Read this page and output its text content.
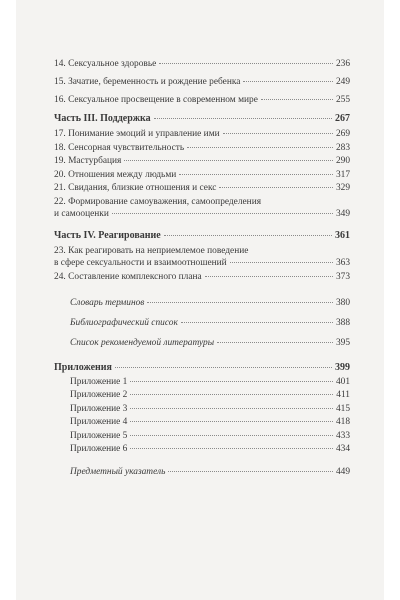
14. Сексуальное здоровье	236
15. Зачатие, беременность и рождение ребенка	249
16. Сексуальное просвещение в современном мире	255
Часть III. Поддержка	267
17. Понимание эмоций и управление ими	269
18. Сенсорная чувствительность	283
19. Мастурбация	290
20. Отношения между людьми	317
21. Свидания, близкие отношения и секс	329
22. Формирование самоуважения, самоопределения
и самооценки	349
Часть IV. Реагирование	361
23. Как реагировать на неприемлемое поведение
в сфере сексуальности и взаимоотношений	363
24. Составление комплексного плана	373
Словарь терминов	380
Библиографический список	388
Список рекомендуемой литературы	395
Приложения	399
Приложение 1	401
Приложение 2	411
Приложение 3	415
Приложение 4	418
Приложение 5	433
Приложение 6	434
Предметный указатель	449
